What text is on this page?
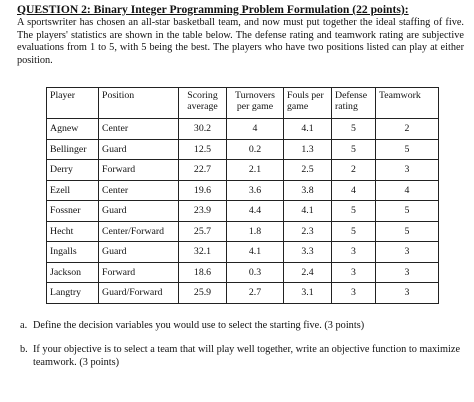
QUESTION 2: Binary Integer Programming Problem Formulation (22 points):
A sportswriter has chosen an all-star basketball team, and now must put together the ideal staffing of five. The players' statistics are shown in the table below. The defense rating and teamwork rating are subjective evaluations from 1 to 5, with 5 being the best. The players who have two positions listed can play at either position.
Player	Position	Scoring average	Turnovers per game	Fouls per game	Defense rating	Teamwork
Agnew	Center	30.2	4	4.1	5	2
Bellinger	Guard	12.5	0.2	1.3	5	5
Derry	Forward	22.7	2.1	2.5	2	3
Ezell	Center	19.6	3.6	3.8	4	4
Fossner	Guard	23.9	4.4	4.1	5	5
Hecht	Center/Forward	25.7	1.8	2.3	5	5
Ingalls	Guard	32.1	4.1	3.3	3	3
Jackson	Forward	18.6	0.3	2.4	3	3
Langtry	Guard/Forward	25.9	2.7	3.1	3	3
a. Define the decision variables you would use to select the starting five. (3 points)
b. If your objective is to select a team that will play well together, write an objective function to maximize teamwork. (3 points)
